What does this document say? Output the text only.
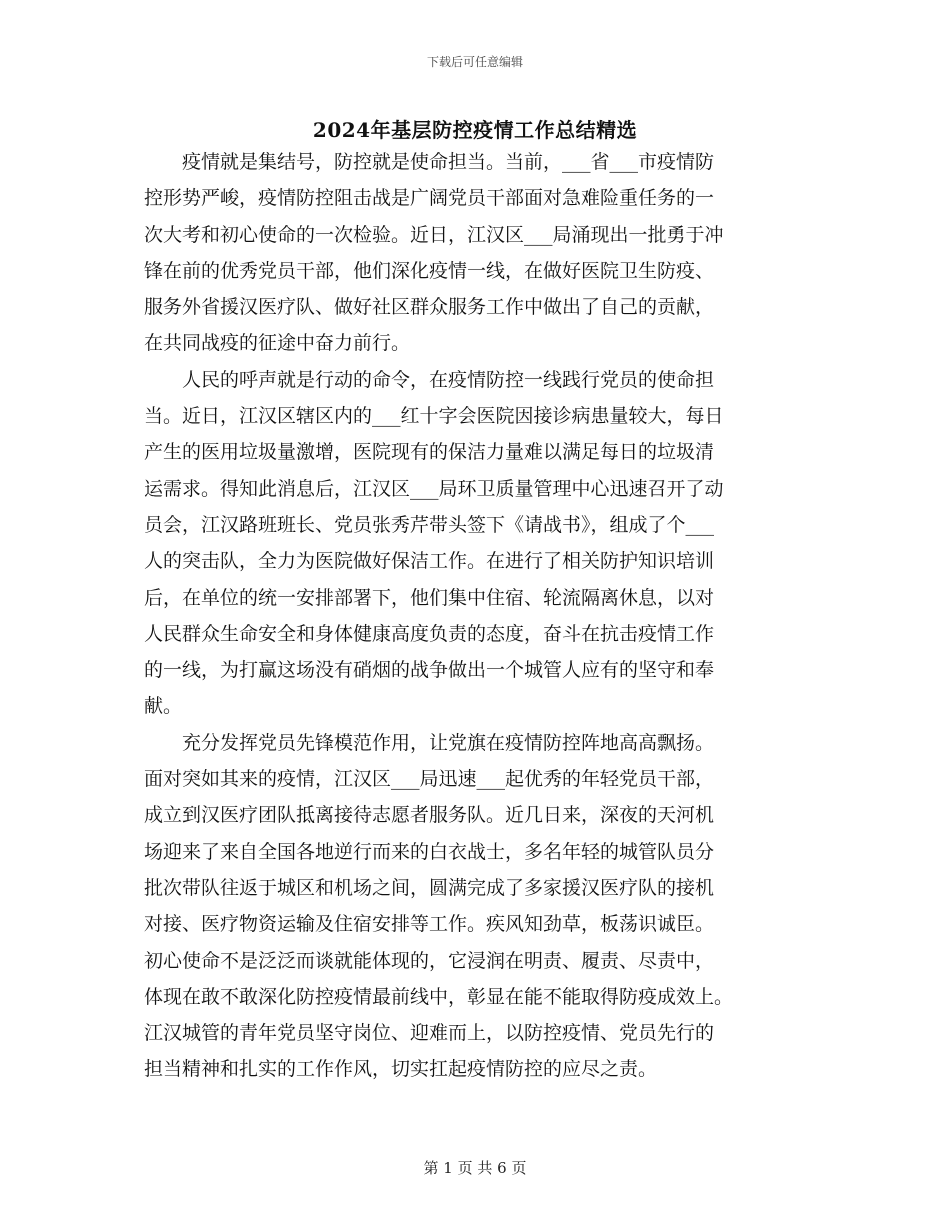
下载后可任意编辑
2024年基层防控疫情工作总结精选
疫情就是集结号，防控就是使命担当。当前，___省___市疫情防
控形势严峻，疫情防控阻击战是广阔党员干部面对急难险重任务的一
次大考和初心使命的一次检验。近日，江汉区___局涌现出一批勇于冲
锋在前的优秀党员干部，他们深化疫情一线，在做好医院卫生防疫、
服务外省援汉医疗队、做好社区群众服务工作中做出了自己的贡献，
在共同战疫的征途中奋力前行。
人民的呼声就是行动的命令，在疫情防控一线践行党员的使命担
当。近日，江汉区辖区内的___红十字会医院因接诊病患量较大，每日
产生的医用垃圾量激增，医院现有的保洁力量难以满足每日的垃圾清
运需求。得知此消息后，江汉区___局环卫质量管理中心迅速召开了动
员会，江汉路班班长、党员张秀芹带头签下《请战书》，组成了个___
人的突击队，全力为医院做好保洁工作。在进行了相关防护知识培训
后，在单位的统一安排部署下，他们集中住宿、轮流隔离休息，以对
人民群众生命安全和身体健康高度负责的态度，奋斗在抗击疫情工作
的一线，为打赢这场没有硝烟的战争做出一个城管人应有的坚守和奉
献。
充分发挥党员先锋模范作用，让党旗在疫情防控阵地高高飘扬。
面对突如其来的疫情，江汉区___局迅速___起优秀的年轻党员干部，
成立到汉医疗团队抵离接待志愿者服务队。近几日来，深夜的天河机
场迎来了来自全国各地逆行而来的白衣战士，多名年轻的城管队员分
批次带队往返于城区和机场之间，圆满完成了多家援汉医疗队的接机
对接、医疗物资运输及住宿安排等工作。疾风知劲草，板荡识诚臣。
初心使命不是泛泛而谈就能体现的，它浸润在明责、履责、尽责中，
体现在敢不敢深化防控疫情最前线中，彰显在能不能取得防疫成效上。
江汉城管的青年党员坚守岗位、迎难而上，以防控疫情、党员先行的
担当精神和扎实的工作作风，切实扛起疫情防控的应尽之责。
第 1 页 共 6 页
